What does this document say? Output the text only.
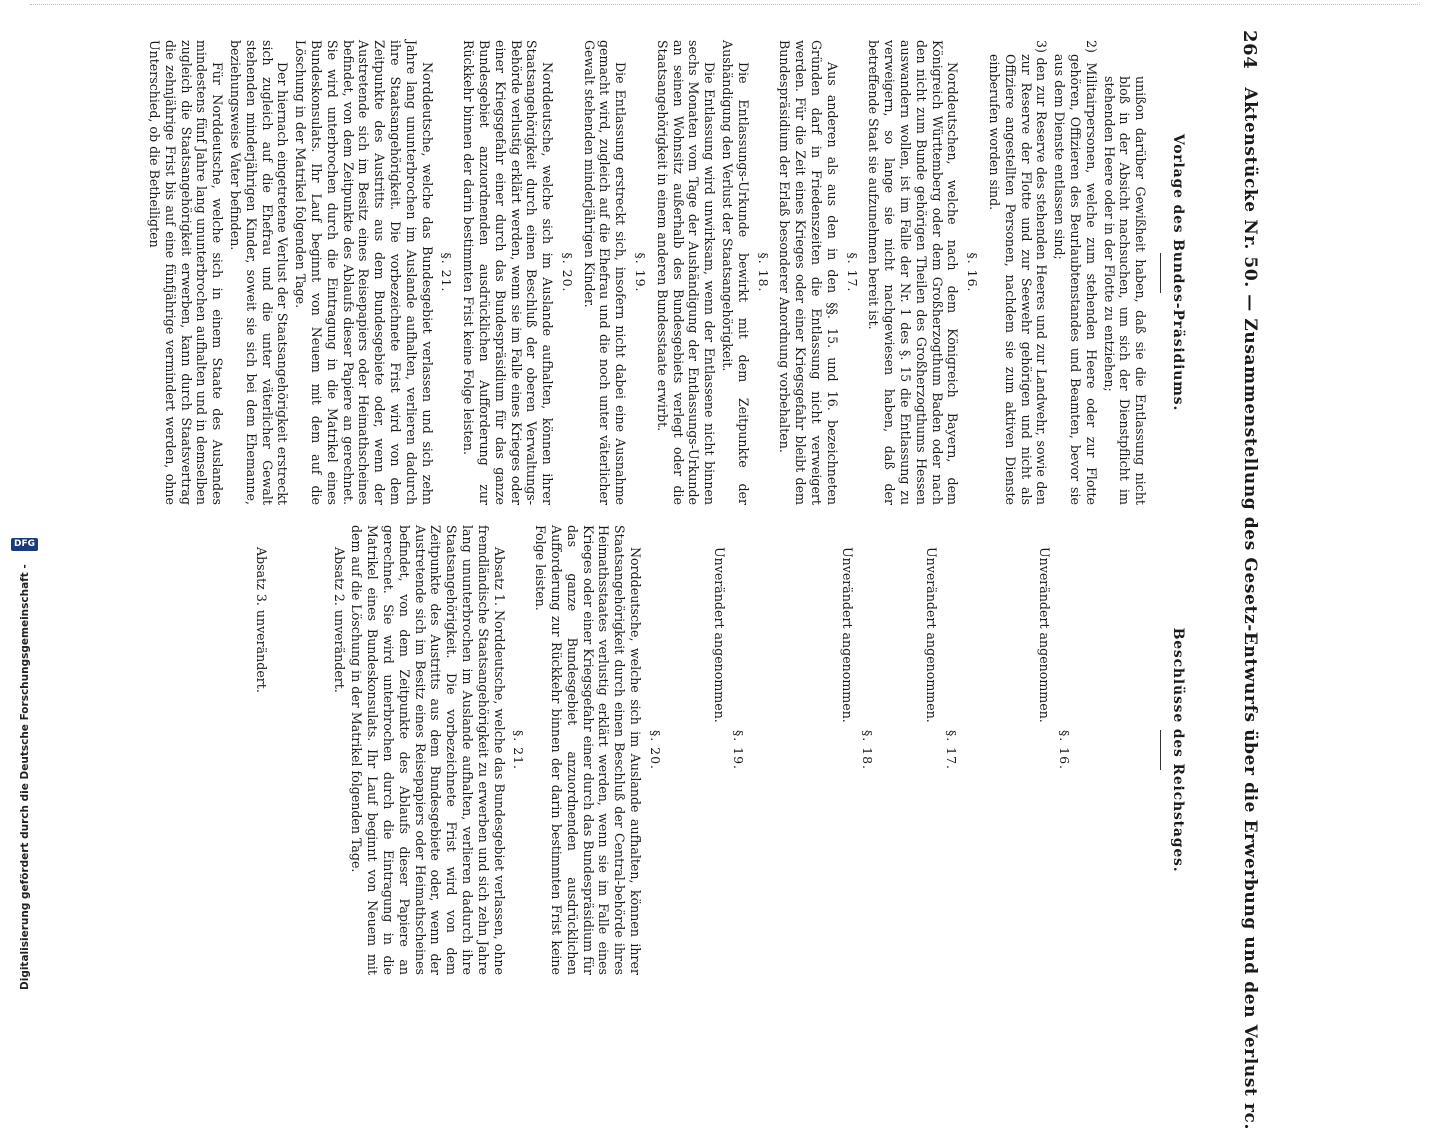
Digitalisierung gefördert durch die Deutsche Forschungsgemeinschaft -
DFG
264
Aktenstücke Nr. 50. — Zusammenstellung des Gesetz-Entwurfs über die Erwerbung und den Verlust rc.
Vorlage des Bundes-Präsidiums.

unißon darüber Gewißheit haben, daß sie die Entlassung nicht bloß in der Absicht nachsuchen, um sich der Dienstpflicht im stehenden Heere oder in der Flotte zu entziehen;

2) Militairpersonen, welche zum stehenden Heere oder zur Flotte gehören, Offizieren des Beurlaubtenstandes und Beamten, bevor sie aus dem Dienste entlassen sind;

3) den zur Reserve des stehenden Heeres und zur Landwehr, sowie den zur Reserve der Flotte und zur Seewehr gehörigen und nicht als Offiziere angestellten Personen, nachdem sie zum aktiven Dienste einberufen worden sind.

§. 16.

Norddeutschen, welche nach dem Königreich Bayern, dem Königreich Württemberg oder dem Großherzogthum Baden oder nach den nicht zum Bunde gehörigen Theilen des Großherzogthums Hessen auswandern wollen, ist im Falle der Nr. 1 des §. 15 die Entlassung zu verweigern, so lange sie nicht nachgewiesen haben, daß der betreffende Staat sie aufzunehmen bereit ist.

§. 17.

Aus anderen als aus den in den §§. 15. und 16. bezeichneten Gründen darf in Friedenszeiten die Entlassung nicht verweigert werden. Für die Zeit eines Krieges oder einer Kriegsgefahr bleibt dem Bundespräsidium der Erlaß besonderer Anordnung vorbehalten.

§. 18.

Die Entlassungs-Urkunde bewirkt mit dem Zeitpunkte der Aushändigung den Verlust der Staatsangehörigkeit.

Die Entlassung wird unwirksam, wenn der Entlassene nicht binnen sechs Monaten vom Tage der Aushändigung der Entlassungs-Urkunde an seinen Wohnsitz außerhalb des Bundesgebiets verlegt oder die Staatsangehörigkeit in einem anderen Bundesstaate erwirbt.

§. 19.

Die Entlassung erstreckt sich, insofern nicht dabei eine Ausnahme gemacht wird, zugleich auf die Ehefrau und die noch unter väterlicher Gewalt stehenden minderjährigen Kinder.

§. 20.

Norddeutsche, welche sich im Auslande aufhalten, können ihrer Staatsangehörigkeit durch einen Beschluß der oberen Verwaltungs-Behörde verlustig erklärt werden, wenn sie im Falle eines Krieges oder einer Kriegsgefahr einer durch das Bundespräsidium für das ganze Bundesgebiet anzuordnenden ausdrücklichen Aufforderung zur Rückkehr binnen der darin bestimmten Frist keine Folge leisten.

§. 21.

Norddeutsche, welche das Bundesgebiet verlassen und sich zehn Jahre lang ununterbrochen im Auslande aufhalten, verlieren dadurch ihre Staatsangehörigkeit. Die vorbezeichnete Frist wird von dem Zeitpunkte des Austritts aus dem Bundesgebiete oder, wenn der Austretende sich im Besitz eines Reisepapiers oder Heimathscheines befindet, von dem Zeitpunkte des Ablaufs dieser Papiere an gerechnet. Sie wird unterbrochen durch die Eintragung in die Matrikel eines Bundeskonsulats. Ihr Lauf beginnt von Neuem mit dem auf die Löschung in der Matrikel folgenden Tage.

Der hiernach eingetretene Verlust der Staatsangehörigkeit erstreckt sich zugleich auf die Ehefrau und die unter väterlicher Gewalt stehenden minderjährigen Kinder, soweit sie sich bei dem Ehemanne, beziehungsweise Vater befinden.

Für Norddeutsche, welche sich in einem Staate des Auslandes mindestens fünf Jahre lang ununterbrochen aufhalten und in demselben zugleich die Staatsangehörigkeit erwerben, kann durch Staatsvertrag die zehnjährige Frist bis auf eine fünfjährige vermindert werden, ohne Unterschied, ob die Betheiligten

Beschlüsse des Reichstages.
§. 16.

Unverändert angenommen.

§. 17.

Unverändert angenommen.

§. 18.

Unverändert angenommen.

§. 19.

Unverändert angenommen.

§. 20.

Norddeutsche, welche sich im Auslande aufhalten, können ihrer Staatsangehörigkeit durch einen Beschluß der Central-behörde ihres Heimathsstaates verlustig erklärt werden, wenn sie im Falle eines Krieges oder einer Kriegsgefahr einer durch das Bundespräsidium für das ganze Bundesgebiet anzuordnenden ausdrücklichen Aufforderung zur Rückkehr binnen der darin bestimmten Frist keine Folge leisten.

§. 21.

Absatz 1. Norddeutsche, welche das Bundesgebiet verlassen, ohne fremdländische Staatsangehörigkeit zu erwerben und sich zehn Jahre lang ununterbrochen im Auslande aufhalten, verlieren dadurch ihre Staatsangehörigkeit. Die vorbezeichnete Frist wird von dem Zeitpunkte des Austritts aus dem Bundesgebiete oder, wenn der Austretende sich im Besitz eines Reisepapiers oder Heimathscheines befindet, von dem Zeitpunkte des Ablaufs dieser Papiere an gerechnet. Sie wird unterbrochen durch die Eintragung in die Matrikel eines Bundeskonsulats. Ihr Lauf beginnt von Neuem mit dem auf die Löschung in der Matrikel folgenden Tage.

Absatz 2. unverändert.

Absatz 3. unverändert.
